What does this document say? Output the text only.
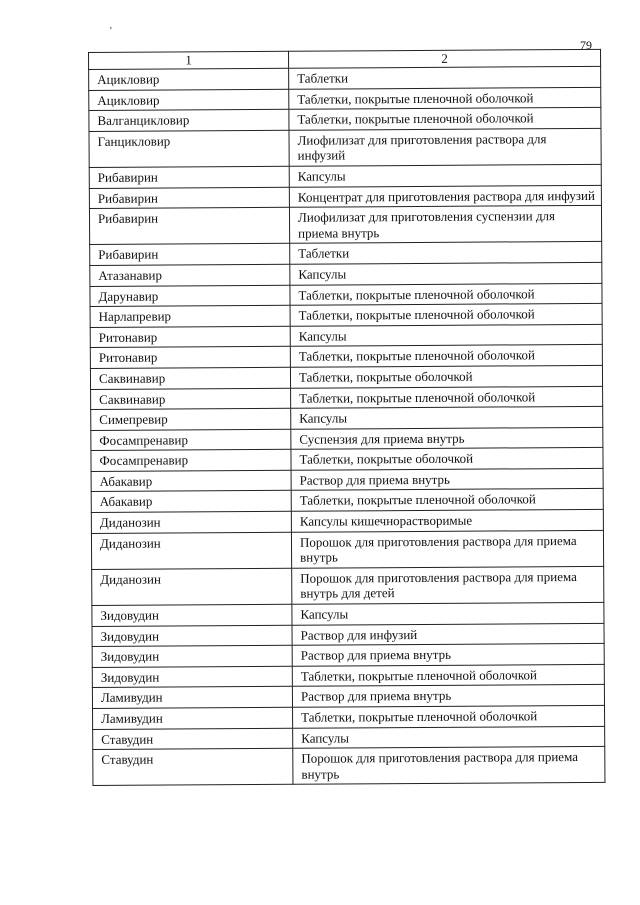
'
79
1	2
Ацикловир	Таблетки
Ацикловир	Таблетки, покрытые пленочной оболочкой
Валганцикловир	Таблетки, покрытые пленочной оболочкой
Ганцикловир	Лиофилизат для приготовления раствора для инфузий
Рибавирин	Капсулы
Рибавирин	Концентрат для приготовления раствора для инфузий
Рибавирин	Лиофилизат для приготовления суспензии для приема внутрь
Рибавирин	Таблетки
Атазанавир	Капсулы
Дарунавир	Таблетки, покрытые пленочной оболочкой
Нарлапревир	Таблетки, покрытые пленочной оболочкой
Ритонавир	Капсулы
Ритонавир	Таблетки, покрытые пленочной оболочкой
Саквинавир	Таблетки, покрытые оболочкой
Саквинавир	Таблетки, покрытые пленочной оболочкой
Симепревир	Капсулы
Фосампренавир	Суспензия для приема внутрь
Фосампренавир	Таблетки, покрытые оболочкой
Абакавир	Раствор для приема внутрь
Абакавир	Таблетки, покрытые пленочной оболочкой
Диданозин	Капсулы кишечнорастворимые
Диданозин	Порошок для приготовления раствора для приема внутрь
Диданозин	Порошок для приготовления раствора для приема внутрь для детей
Зидовудин	Капсулы
Зидовудин	Раствор для инфузий
Зидовудин	Раствор для приема внутрь
Зидовудин	Таблетки, покрытые пленочной оболочкой
Ламивудин	Раствор для приема внутрь
Ламивудин	Таблетки, покрытые пленочной оболочкой
Ставудин	Капсулы
Ставудин	Порошок для приготовления раствора для приема внутрь
